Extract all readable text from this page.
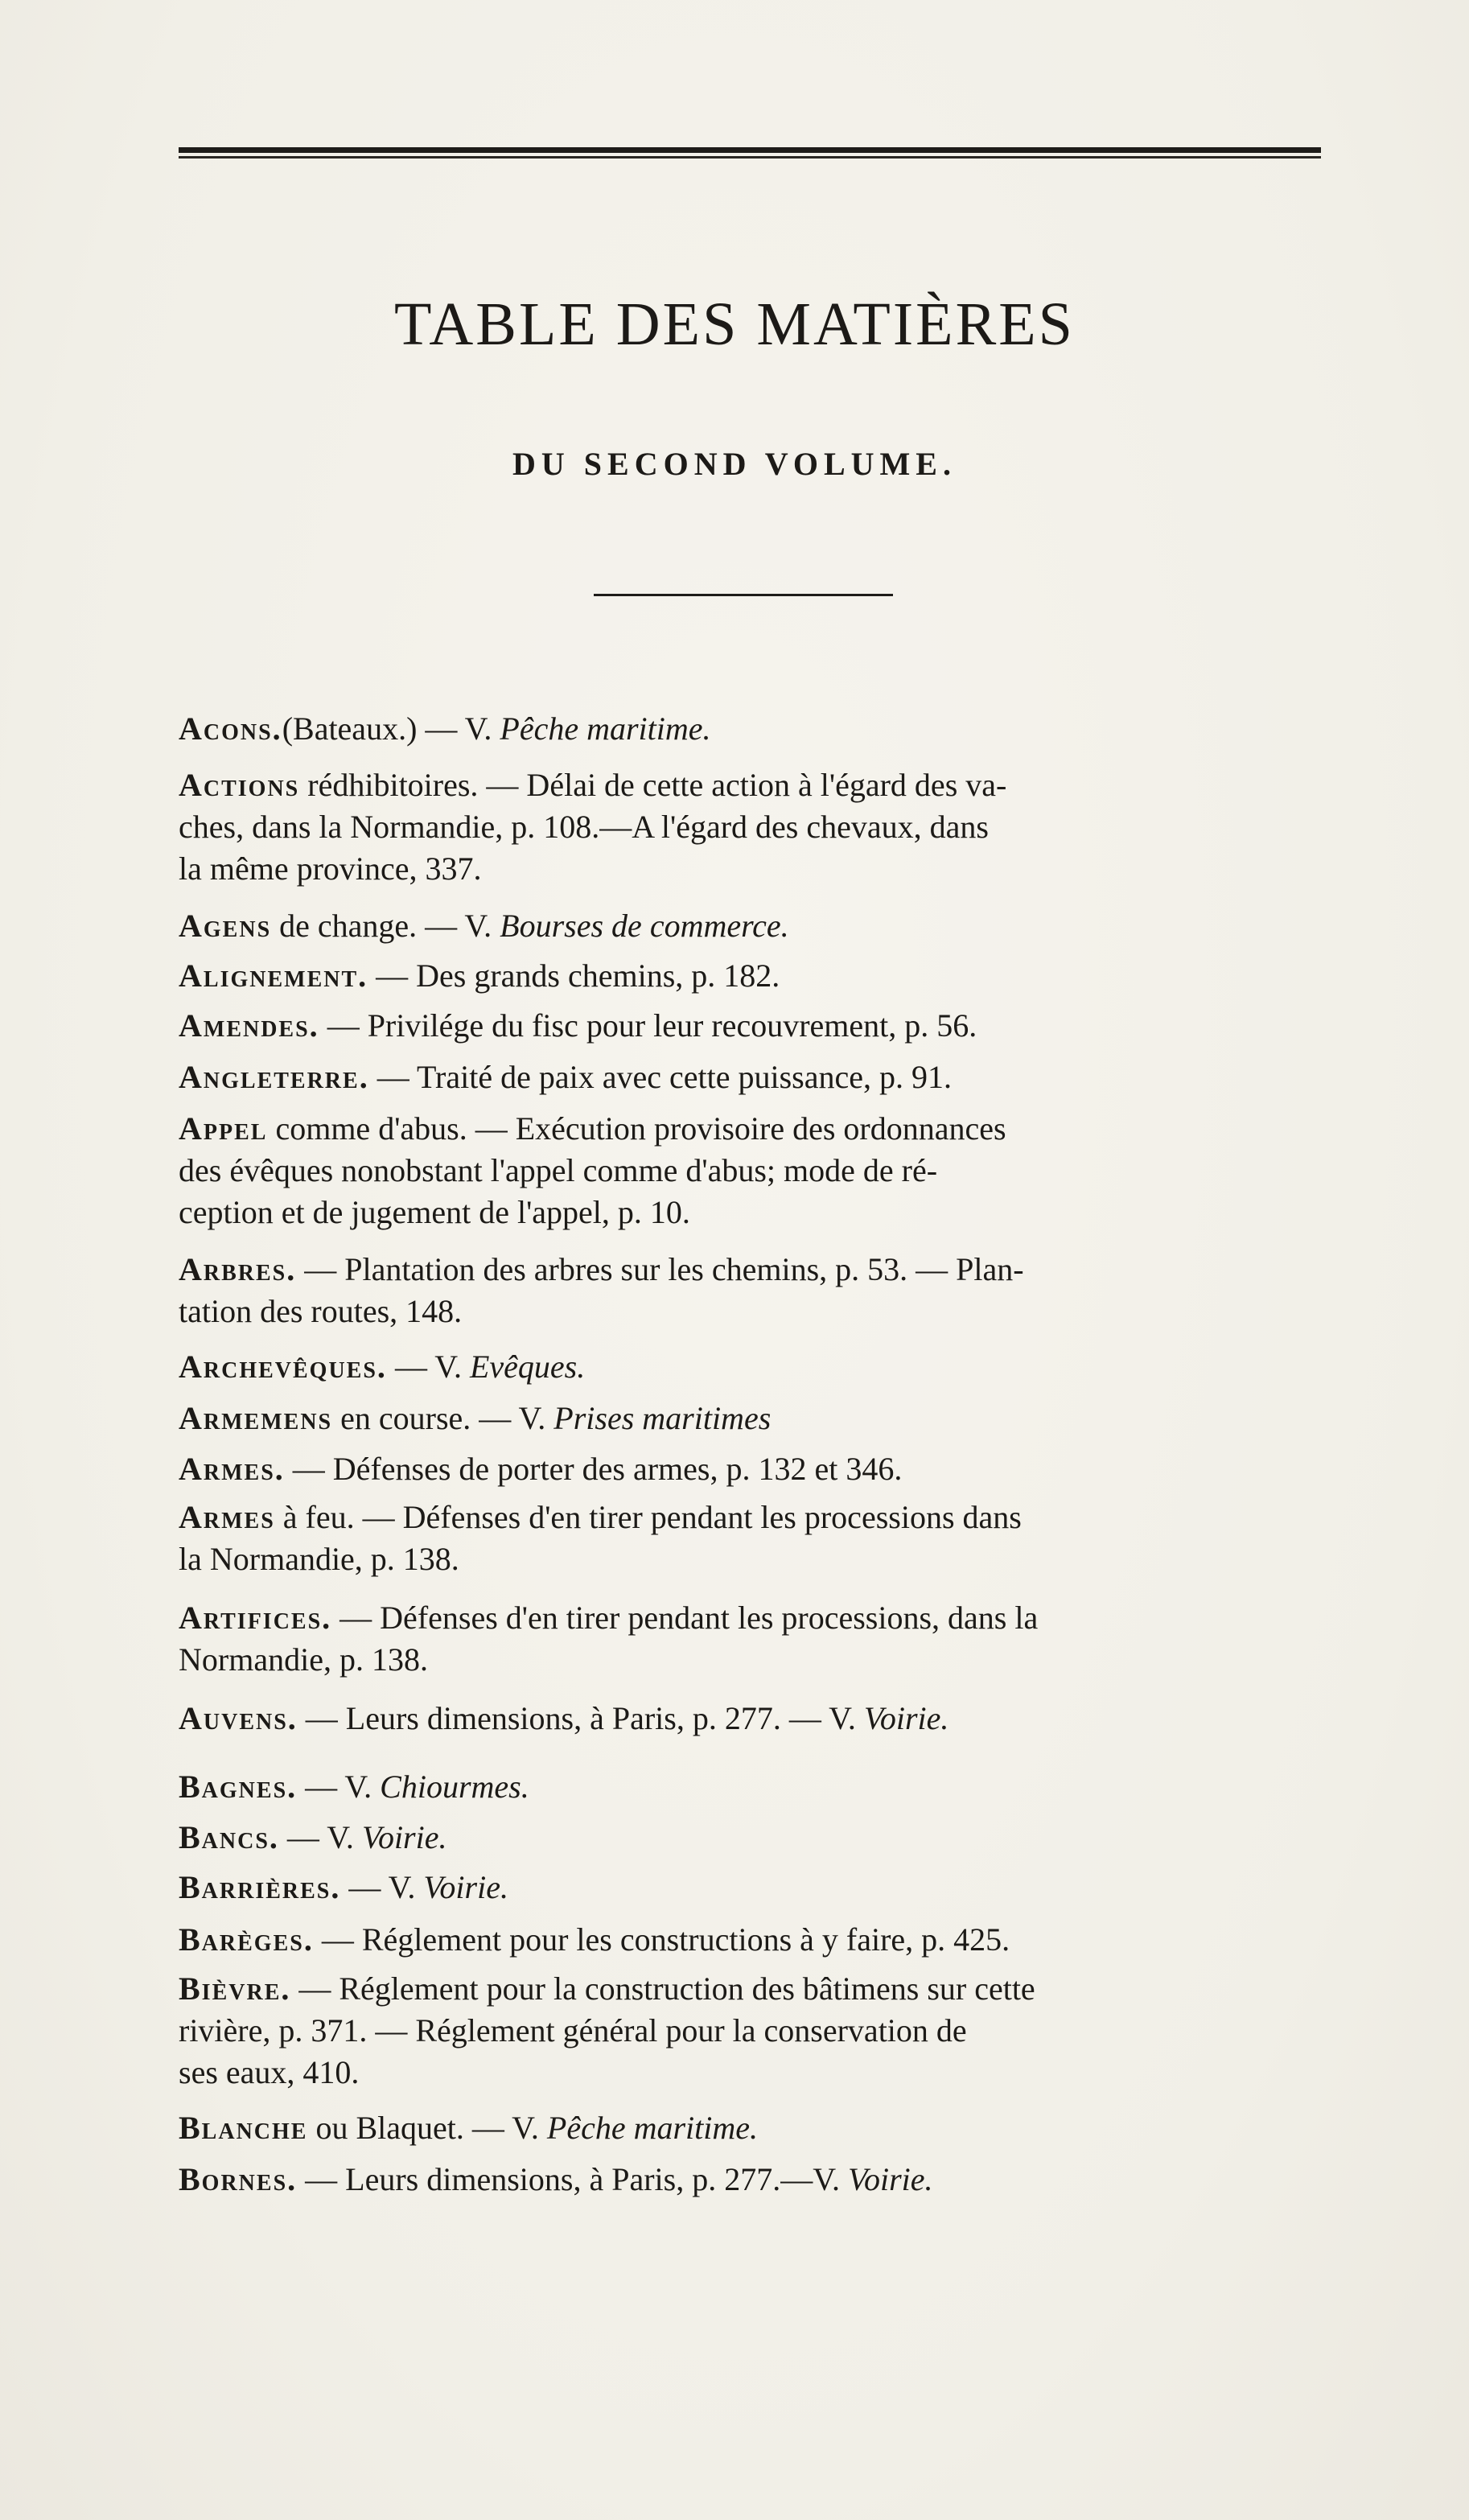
TABLE DES MATIÈRES
DU SECOND VOLUME.
Acons.(Bateaux.) — V. Pêche maritime.
Actions rédhibitoires. — Délai de cette action à l'égard des va-
ches, dans la Normandie, p. 108.—A l'égard des chevaux, dans
la même province, 337.
Agens de change. — V. Bourses de commerce.
Alignement. — Des grands chemins, p. 182.
Amendes. — Privilége du fisc pour leur recouvrement, p. 56.
Angleterre. — Traité de paix avec cette puissance, p. 91.
Appel comme d'abus. — Exécution provisoire des ordonnances
des évêques nonobstant l'appel comme d'abus; mode de ré-
ception et de jugement de l'appel, p. 10.
Arbres. — Plantation des arbres sur les chemins, p. 53. — Plan-
tation des routes, 148.
Archevêques. — V. Evêques.
Armemens en course. — V. Prises maritimes
Armes. — Défenses de porter des armes, p. 132 et 346.
Armes à feu. — Défenses d'en tirer pendant les processions dans
la Normandie, p. 138.
Artifices. — Défenses d'en tirer pendant les processions, dans la
Normandie, p. 138.
Auvens. — Leurs dimensions, à Paris, p. 277. — V. Voirie.
Bagnes. — V. Chiourmes.
Bancs. — V. Voirie.
Barrières. — V. Voirie.
Barèges. — Réglement pour les constructions à y faire, p. 425.
Bièvre. — Réglement pour la construction des bâtimens sur cette
rivière, p. 371. — Réglement général pour la conservation de
ses eaux, 410.
Blanche ou Blaquet. — V. Pêche maritime.
Bornes. — Leurs dimensions, à Paris, p. 277.—V. Voirie.
